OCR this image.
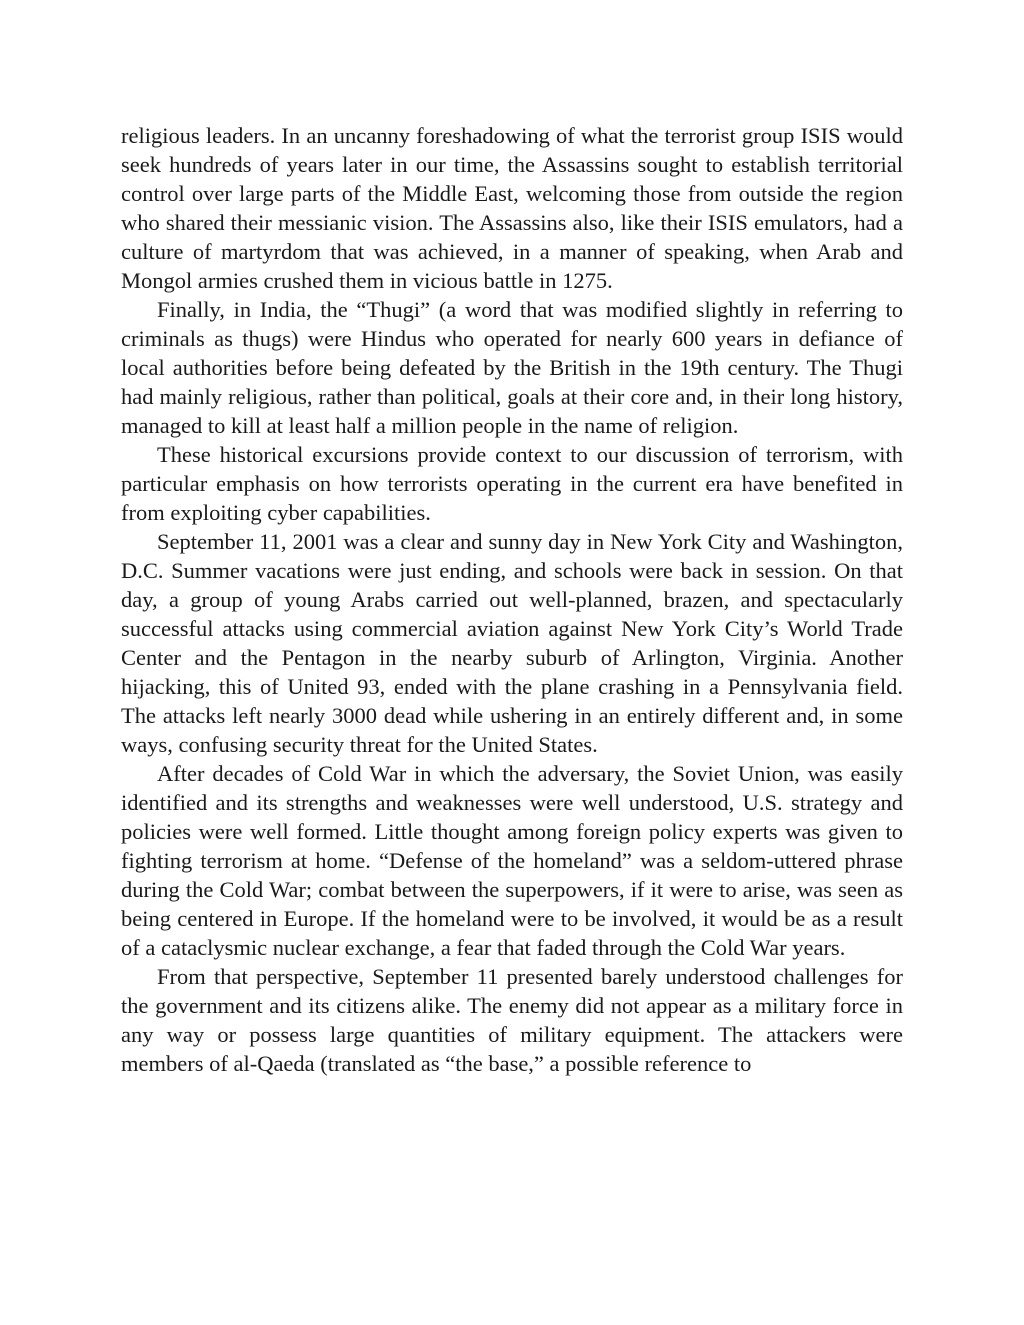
religious leaders. In an uncanny foreshadowing of what the terrorist group ISIS would seek hundreds of years later in our time, the Assassins sought to establish territorial control over large parts of the Middle East, welcoming those from outside the region who shared their messianic vision. The Assassins also, like their ISIS emulators, had a culture of martyrdom that was achieved, in a manner of speaking, when Arab and Mongol armies crushed them in vicious battle in 1275.

Finally, in India, the “Thugi” (a word that was modified slightly in referring to criminals as thugs) were Hindus who operated for nearly 600 years in defiance of local authorities before being defeated by the British in the 19th century. The Thugi had mainly religious, rather than political, goals at their core and, in their long history, managed to kill at least half a million people in the name of religion.

These historical excursions provide context to our discussion of terrorism, with particular emphasis on how terrorists operating in the current era have benefited in from exploiting cyber capabilities.

September 11, 2001 was a clear and sunny day in New York City and Washington, D.C. Summer vacations were just ending, and schools were back in session. On that day, a group of young Arabs carried out well-planned, brazen, and spectacularly successful attacks using commercial aviation against New York City’s World Trade Center and the Pentagon in the nearby suburb of Arlington, Virginia. Another hijacking, this of United 93, ended with the plane crashing in a Pennsylvania field. The attacks left nearly 3000 dead while ushering in an entirely different and, in some ways, confusing security threat for the United States.

After decades of Cold War in which the adversary, the Soviet Union, was easily identified and its strengths and weaknesses were well understood, U.S. strategy and policies were well formed. Little thought among foreign policy experts was given to fighting terrorism at home. “Defense of the homeland” was a seldom-uttered phrase during the Cold War; combat between the superpowers, if it were to arise, was seen as being centered in Europe. If the homeland were to be involved, it would be as a result of a cataclysmic nuclear exchange, a fear that faded through the Cold War years.

From that perspective, September 11 presented barely understood challenges for the government and its citizens alike. The enemy did not appear as a military force in any way or possess large quantities of military equipment. The attackers were members of al-Qaeda (translated as “the base,” a possible reference to
